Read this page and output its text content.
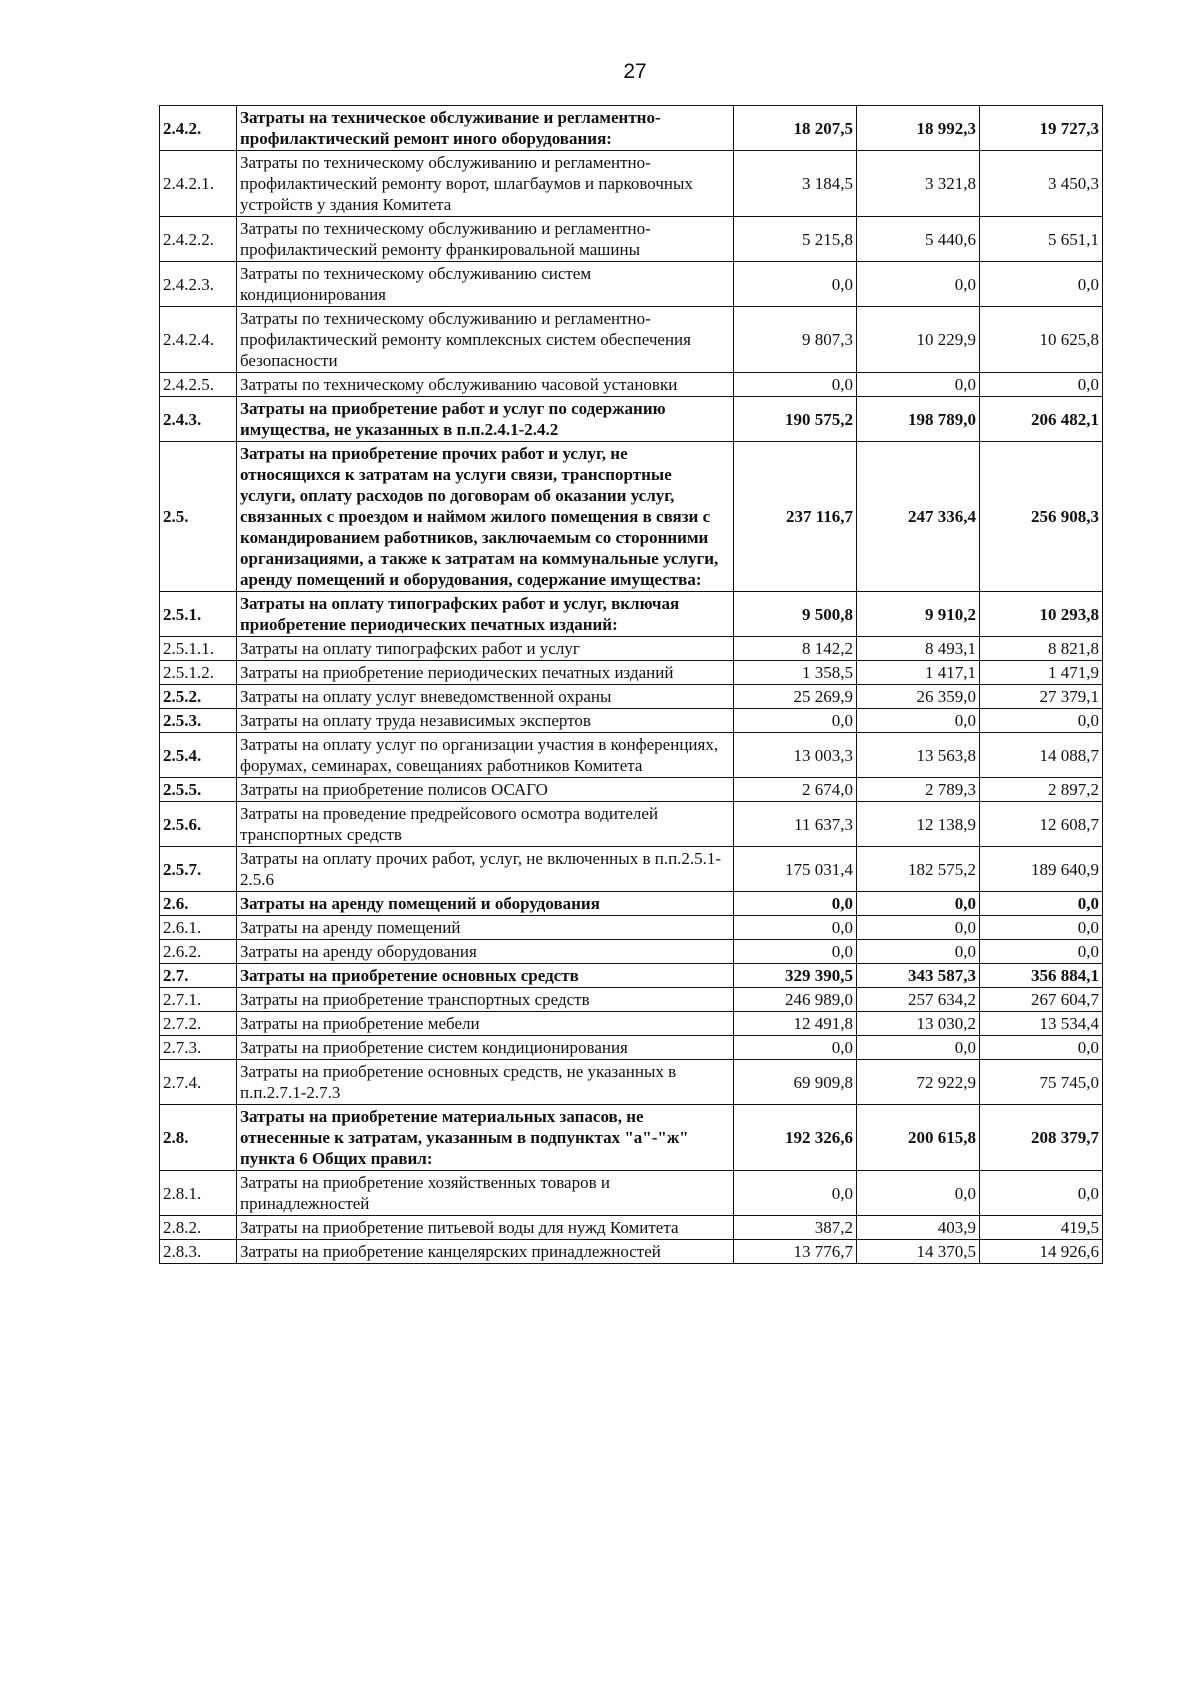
27
2.4.2.	Затраты на техническое обслуживание и регламентно-профилактический ремонт иного оборудования:	18 207,5	18 992,3	19 727,3
2.4.2.1.	Затраты по техническому обслуживанию и регламентно-профилактический ремонту ворот, шлагбаумов и парковочных устройств у здания Комитета	3 184,5	3 321,8	3 450,3
2.4.2.2.	Затраты по техническому обслуживанию и регламентно-профилактический ремонту франкировальной машины	5 215,8	5 440,6	5 651,1
2.4.2.3.	Затраты по техническому обслуживанию систем кондиционирования	0,0	0,0	0,0
2.4.2.4.	Затраты по техническому обслуживанию и регламентно-профилактический ремонту комплексных систем обеспечения безопасности	9 807,3	10 229,9	10 625,8
2.4.2.5.	Затраты по техническому обслуживанию часовой установки	0,0	0,0	0,0
2.4.3.	Затраты на приобретение работ и услуг по содержанию имущества, не указанных в п.п.2.4.1-2.4.2	190 575,2	198 789,0	206 482,1
2.5.	Затраты на приобретение прочих работ и услуг, не относящихся к затратам на услуги связи, транспортные услуги, оплату расходов по договорам об оказании услуг, связанных с проездом и наймом жилого помещения в связи с командированием работников, заключаемым со сторонними организациями, а также к затратам на коммунальные услуги, аренду помещений и оборудования, содержание имущества:	237 116,7	247 336,4	256 908,3
2.5.1.	Затраты на оплату типографских работ и услуг, включая приобретение периодических печатных изданий:	9 500,8	9 910,2	10 293,8
2.5.1.1.	Затраты на оплату типографских работ и услуг	8 142,2	8 493,1	8 821,8
2.5.1.2.	Затраты на приобретение периодических печатных изданий	1 358,5	1 417,1	1 471,9
2.5.2.	Затраты на оплату услуг вневедомственной охраны	25 269,9	26 359,0	27 379,1
2.5.3.	Затраты на оплату труда независимых экспертов	0,0	0,0	0,0
2.5.4.	Затраты на оплату услуг по организации участия в конференциях, форумах, семинарах, совещаниях работников Комитета	13 003,3	13 563,8	14 088,7
2.5.5.	Затраты на приобретение полисов ОСАГО	2 674,0	2 789,3	2 897,2
2.5.6.	Затраты на проведение предрейсового осмотра водителей транспортных средств	11 637,3	12 138,9	12 608,7
2.5.7.	Затраты на оплату прочих работ, услуг, не включенных в п.п.2.5.1-2.5.6	175 031,4	182 575,2	189 640,9
2.6.	Затраты на аренду помещений и оборудования	0,0	0,0	0,0
2.6.1.	Затраты на аренду помещений	0,0	0,0	0,0
2.6.2.	Затраты на аренду оборудования	0,0	0,0	0,0
2.7.	Затраты на приобретение основных средств	329 390,5	343 587,3	356 884,1
2.7.1.	Затраты на приобретение транспортных средств	246 989,0	257 634,2	267 604,7
2.7.2.	Затраты на приобретение мебели	12 491,8	13 030,2	13 534,4
2.7.3.	Затраты на приобретение систем кондиционирования	0,0	0,0	0,0
2.7.4.	Затраты на приобретение основных средств, не указанных в п.п.2.7.1-2.7.3	69 909,8	72 922,9	75 745,0
2.8.	Затраты на приобретение материальных запасов, не отнесенные к затратам, указанным в подпунктах "а"-"ж" пункта 6 Общих правил:	192 326,6	200 615,8	208 379,7
2.8.1.	Затраты на приобретение хозяйственных товаров и принадлежностей	0,0	0,0	0,0
2.8.2.	Затраты на приобретение питьевой воды для нужд Комитета	387,2	403,9	419,5
2.8.3.	Затраты на приобретение канцелярских принадлежностей	13 776,7	14 370,5	14 926,6
